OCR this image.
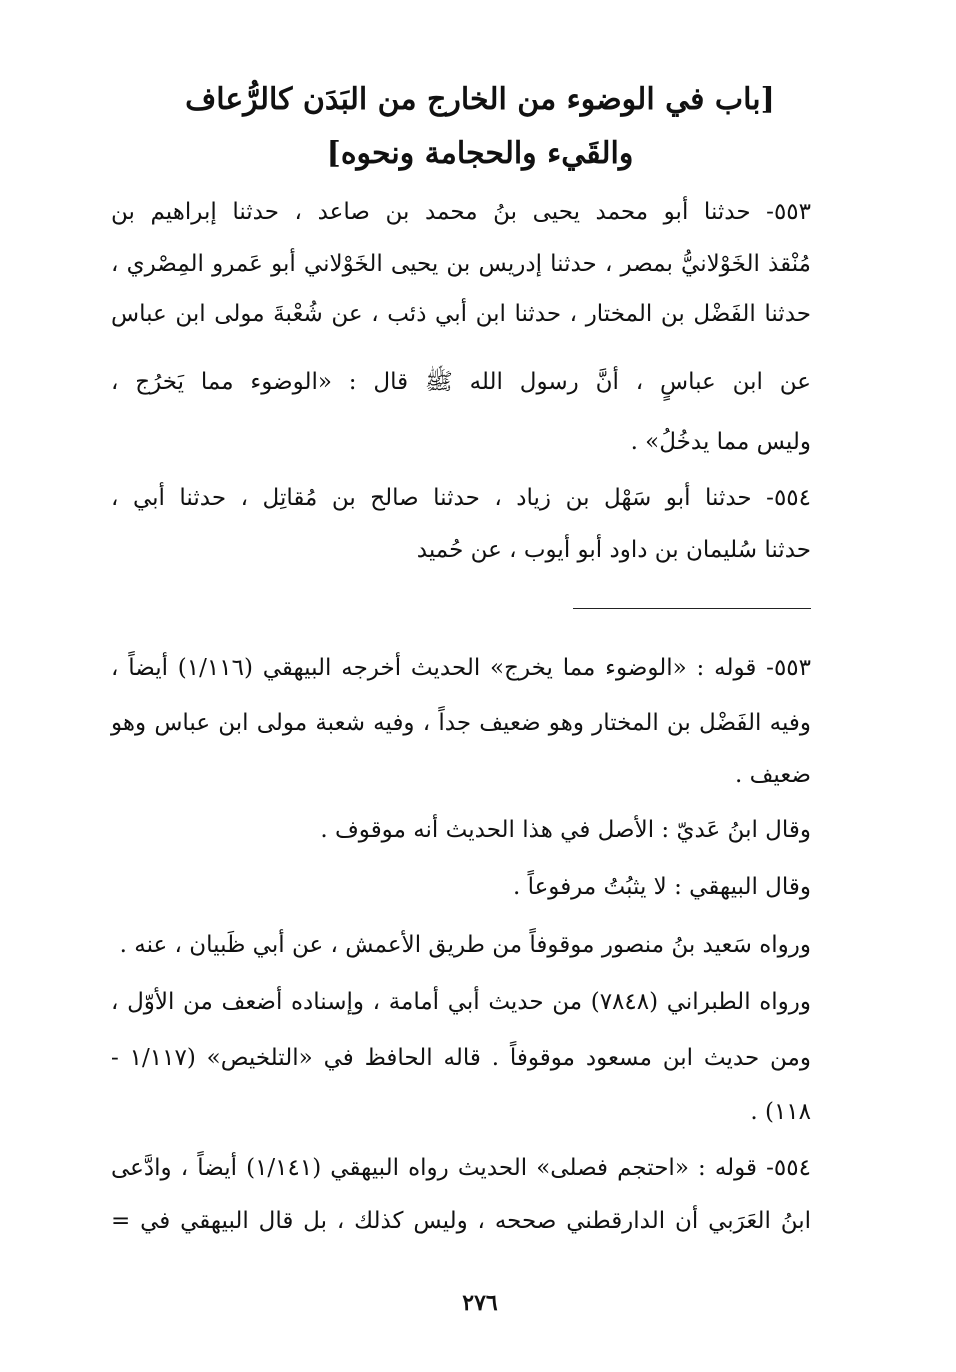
[باب في الوضوء من الخارج من البَدَن كالرُّعاف
والقَيء والحجامة ونحوه]
٥٥٣- حدثنا أبو محمد يحيى بنُ محمد بن صاعد ، حدثنا إبراهيم بن
مُنْقذ الخَوْلانيُّ بمصر ، حدثنا إدريس بن يحيى الخَوْلاني أبو عَمرو المِصْري ،
حدثنا الفَضْل بن المختار ، حدثنا ابن أبي ذئب ، عن شُعْبةَ مولى ابن عباس
عن ابن عباسٍ ، أنَّ رسول الله ﷺ قال : «الوضوء مما يَخرُج ،
وليس مما يدخُلُ» .
٥٥٤- حدثنا أبو سَهْل بن زياد ، حدثنا صالح بن مُقاتِل ، حدثنا أبي ،
حدثنا سُليمان بن داود أبو أيوب ، عن حُميد
٥٥٣- قوله : «الوضوء مما يخرج» الحديث أخرجه البيهقي (١/١١٦) أيضاً ،
وفيه الفَضْل بن المختار وهو ضعيف جداً ، وفيه شعبة مولى ابن عباس وهو
ضعيف .
وقال ابنُ عَديّ : الأصل في هذا الحديث أنه موقوف .
وقال البيهقي : لا يثبُتُ مرفوعاً .
ورواه سَعيد بنُ منصور موقوفاً من طريق الأعمش ، عن أبي ظَبيان ، عنه .
ورواه الطبراني (٧٨٤٨) من حديث أبي أمامة ، وإسناده أضعف من الأوّل ،
ومن حديث ابن مسعود موقوفاً . قاله الحافظ في «التلخيص» (١/١١٧ -
١١٨) .
٥٥٤- قوله : «احتجم فصلى» الحديث رواه البيهقي (١/١٤١) أيضاً ، وادَّعى
ابنُ العَرَبي أن الدارقطني صححه ، وليس كذلك ، بل قال البيهقي في =
٢٧٦
